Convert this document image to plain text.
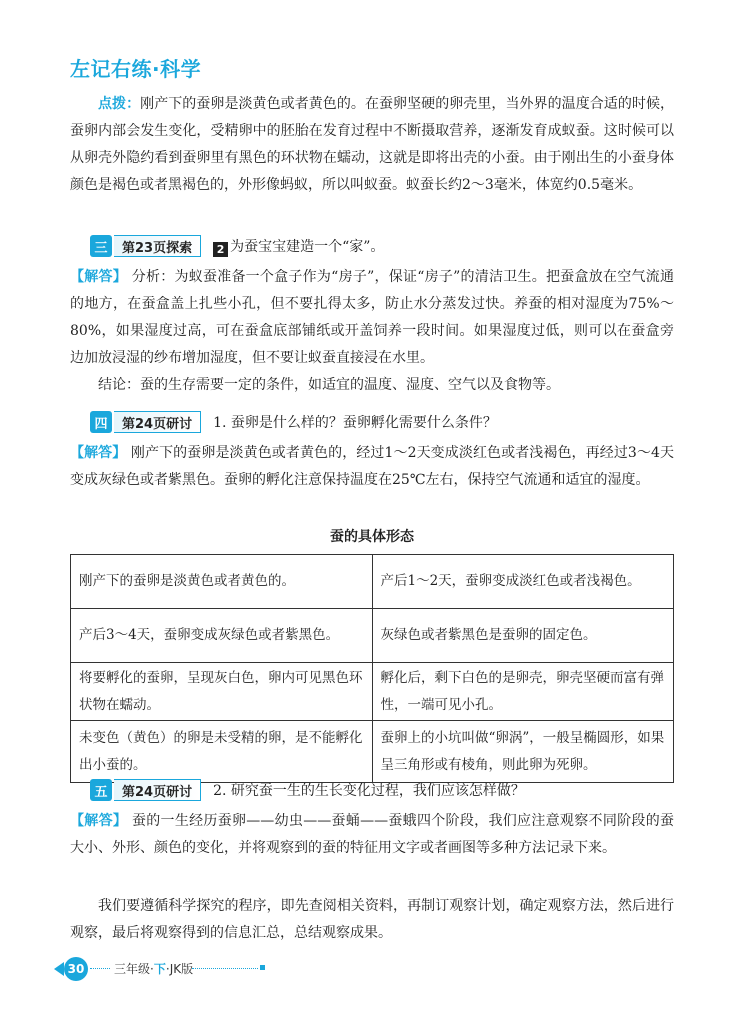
左记右练·科学

点拨：刚产下的蚕卵是淡黄色或者黄色的。在蚕卵坚硬的卵壳里，当外界的温度合适的时候，蚕卵内部会发生变化，受精卵中的胚胎在发育过程中不断摄取营养，逐渐发育成蚁蚕。这时候可以从卵壳外隐约看到蚕卵里有黑色的环状物在蠕动，这就是即将出壳的小蚕。由于刚出生的小蚕身体颜色是褐色或者黑褐色的，外形像蚂蚁，所以叫蚁蚕。蚁蚕长约2～3毫米，体宽约0.5毫米。

三	第23页探索	2 为蚕宝宝建造一个“家”。

【解答】 分析：为蚁蚕准备一个盒子作为“房子”，保证“房子”的清洁卫生。把蚕盒放在空气流通的地方，在蚕盒盖上扎些小孔，但不要扎得太多，防止水分蒸发过快。养蚕的相对湿度为75%～80%，如果湿度过高，可在蚕盒底部铺纸或开盖饲养一段时间。如果湿度过低，则可以在蚕盒旁边加放浸湿的纱布增加湿度，但不要让蚁蚕直接浸在水里。

结论：蚕的生存需要一定的条件，如适宜的温度、湿度、空气以及食物等。

四	第24页研讨	1. 蚕卵是什么样的？蚕卵孵化需要什么条件？

【解答】 刚产下的蚕卵是淡黄色或者黄色的，经过1～2天变成淡红色或者浅褐色，再经过3～4天变成灰绿色或者紫黑色。蚕卵的孵化注意保持温度在25℃左右，保持空气流通和适宜的湿度。

蚕的具体形态
刚产下的蚕卵是淡黄色或者黄色的。	产后1～2天，蚕卵变成淡红色或者浅褐色。
产后3～4天，蚕卵变成灰绿色或者紫黑色。	灰绿色或者紫黑色是蚕卵的固定色。
将要孵化的蚕卵，呈现灰白色，卵内可见黑色环状物在蠕动。	孵化后，剩下白色的是卵壳，卵壳坚硬而富有弹性，一端可见小孔。
未变色（黄色）的卵是未受精的卵，是不能孵化出小蚕的。	蚕卵上的小坑叫做“卵涡”，一般呈椭圆形，如果呈三角形或有棱角，则此卵为死卵。
五	第24页研讨	2. 研究蚕一生的生长变化过程，我们应该怎样做？

【解答】 蚕的一生经历蚕卵——幼虫——蚕蛹——蚕蛾四个阶段，我们应注意观察不同阶段的蚕大小、外形、颜色的变化，并将观察到的蚕的特征用文字或者画图等多种方法记录下来。

我们要遵循科学探究的程序，即先查阅相关资料，再制订观察计划，确定观察方法，然后进行观察，最后将观察得到的信息汇总，总结观察成果。

30	三年级·下·JK版
